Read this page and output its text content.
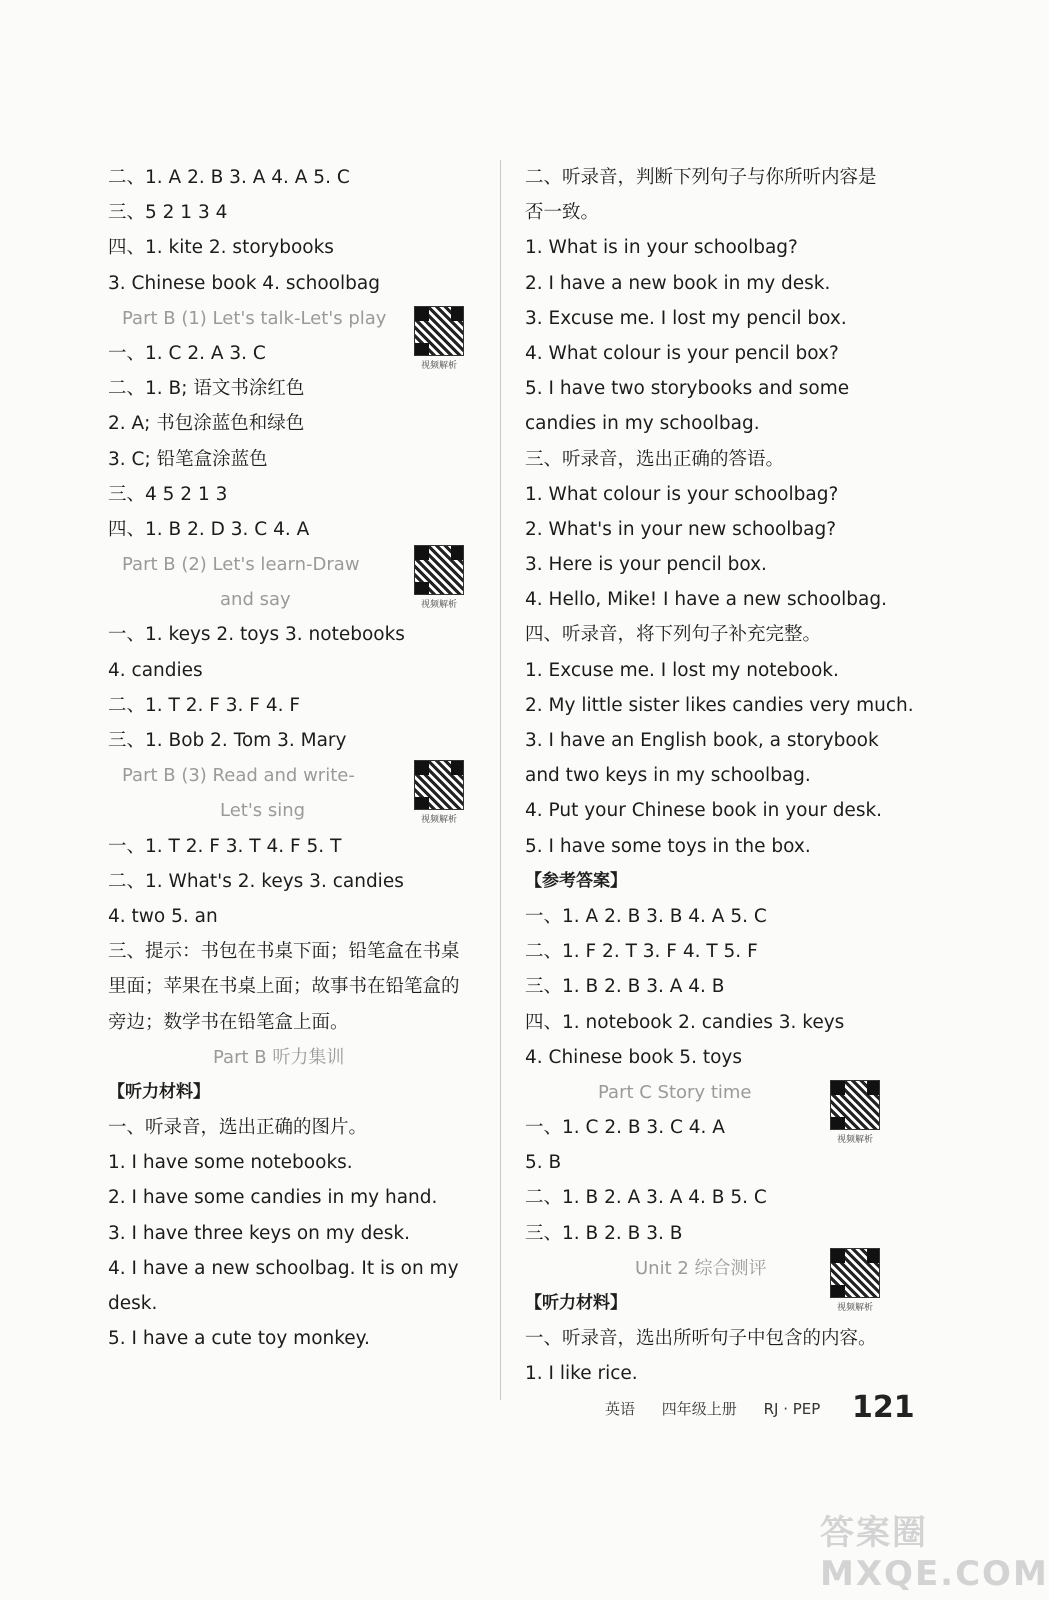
二、1. A 2. B 3. A 4. A 5. C
三、5 2 1 3 4
四、1. kite 2. storybooks
3. Chinese book 4. schoolbag
Part B (1) Let's talk-Let's play
一、1. C 2. A 3. C
二、1. B; 语文书涂红色
2. A; 书包涂蓝色和绿色
3. C; 铅笔盒涂蓝色
三、4 5 2 1 3
四、1. B 2. D 3. C 4. A
Part B (2) Let's learn-Draw
and say
一、1. keys 2. toys 3. notebooks
4. candies
二、1. T 2. F 3. F 4. F
三、1. Bob 2. Tom 3. Mary
Part B (3) Read and write-
Let's sing
一、1. T 2. F 3. T 4. F 5. T
二、1. What's 2. keys 3. candies
4. two 5. an
三、提示：书包在书桌下面；铅笔盒在书桌
里面；苹果在书桌上面；故事书在铅笔盒的
旁边；数学书在铅笔盒上面。
Part B 听力集训
【听力材料】
一、听录音，选出正确的图片。
1. I have some notebooks.
2. I have some candies in my hand.
3. I have three keys on my desk.
4. I have a new schoolbag. It is on my
desk.
5. I have a cute toy monkey.
二、听录音，判断下列句子与你所听内容是
否一致。
1. What is in your schoolbag?
2. I have a new book in my desk.
3. Excuse me. I lost my pencil box.
4. What colour is your pencil box?
5. I have two storybooks and some
candies in my schoolbag.
三、听录音，选出正确的答语。
1. What colour is your schoolbag?
2. What's in your new schoolbag?
3. Here is your pencil box.
4. Hello, Mike! I have a new schoolbag.
四、听录音，将下列句子补充完整。
1. Excuse me. I lost my notebook.
2. My little sister likes candies very much.
3. I have an English book, a storybook
and two keys in my schoolbag.
4. Put your Chinese book in your desk.
5. I have some toys in the box.
【参考答案】
一、1. A 2. B 3. B 4. A 5. C
二、1. F 2. T 3. F 4. T 5. F
三、1. B 2. B 3. A 4. B
四、1. notebook 2. candies 3. keys
4. Chinese book 5. toys
Part C Story time
一、1. C 2. B 3. C 4. A
5. B
二、1. B 2. A 3. A 4. B 5. C
三、1. B 2. B 3. B
Unit 2 综合测评
【听力材料】
一、听录音，选出所听句子中包含的内容。
1. I like rice.
视频解析
视频解析
视频解析
视频解析
视频解析
英语 四年级上册 RJ · PEP	121
答案圈 MXQE.COM
